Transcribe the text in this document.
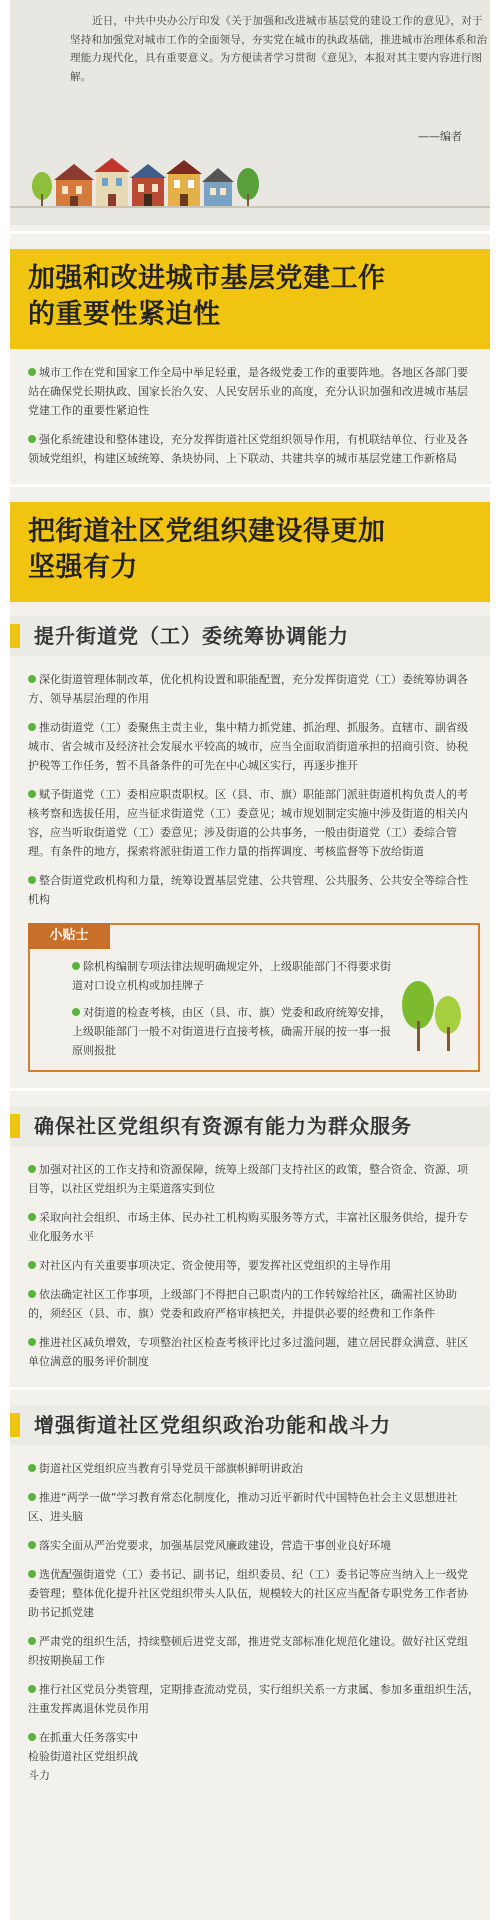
近日，中共中央办公厅印发《关于加强和改进城市基层党的建设工作的意见》，对于坚持和加强党对城市工作的全面领导，夯实党在城市的执政基础，推进城市治理体系和治理能力现代化，具有重要意义。为方便读者学习贯彻《意见》，本报对其主要内容进行图解。
——编者
加强和改进城市基层党建工作
的重要性紧迫性
城市工作在党和国家工作全局中举足轻重，是各级党委工作的重要阵地。各地区各部门要站在确保党长期执政、国家长治久安、人民安居乐业的高度，充分认识加强和改进城市基层党建工作的重要性紧迫性
强化系统建设和整体建设，充分发挥街道社区党组织领导作用，有机联结单位、行业及各领域党组织，构建区域统筹、条块协同、上下联动、共建共享的城市基层党建工作新格局
把街道社区党组织建设得更加
坚强有力
提升街道党（工）委统筹协调能力
深化街道管理体制改革，优化机构设置和职能配置，充分发挥街道党（工）委统筹协调各方、领导基层治理的作用
推动街道党（工）委聚焦主责主业，集中精力抓党建、抓治理、抓服务。直辖市、副省级城市、省会城市及经济社会发展水平较高的城市，应当全面取消街道承担的招商引资、协税护税等工作任务，暂不具备条件的可先在中心城区实行，再逐步推开
赋予街道党（工）委相应职责职权。区（县、市、旗）职能部门派驻街道机构负责人的考核考察和选拔任用，应当征求街道党（工）委意见；城市规划制定实施中涉及街道的相关内容，应当听取街道党（工）委意见；涉及街道的公共事务，一般由街道党（工）委综合管理。有条件的地方，探索将派驻街道工作力量的指挥调度、考核监督等下放给街道
整合街道党政机构和力量，统筹设置基层党建、公共管理、公共服务、公共安全等综合性机构
小贴士
除机构编制专项法律法规明确规定外，上级职能部门不得要求街道对口设立机构或加挂牌子
对街道的检查考核，由区（县、市、旗）党委和政府统筹安排，上级职能部门一般不对街道进行直接考核，确需开展的按一事一报原则报批
确保社区党组织有资源有能力为群众服务
加强对社区的工作支持和资源保障，统筹上级部门支持社区的政策，整合资金、资源、项目等，以社区党组织为主渠道落实到位
采取向社会组织、市场主体、民办社工机构购买服务等方式，丰富社区服务供给，提升专业化服务水平
对社区内有关重要事项决定、资金使用等，要发挥社区党组织的主导作用
依法确定社区工作事项，上级部门不得把自己职责内的工作转嫁给社区，确需社区协助的，须经区（县、市、旗）党委和政府严格审核把关，并提供必要的经费和工作条件
推进社区减负增效，专项整治社区检查考核评比过多过滥问题，建立居民群众满意、驻区单位满意的服务评价制度
增强街道社区党组织政治功能和战斗力
街道社区党组织应当教育引导党员干部旗帜鲜明讲政治
推进“两学一做”学习教育常态化制度化，推动习近平新时代中国特色社会主义思想进社区、进头脑
落实全面从严治党要求，加强基层党风廉政建设，营造干事创业良好环境
选优配强街道党（工）委书记、副书记，组织委员、纪（工）委书记等应当纳入上一级党委管理；整体优化提升社区党组织带头人队伍，规模较大的社区应当配备专职党务工作者协助书记抓党建
严肃党的组织生活，持续整顿后进党支部，推进党支部标准化规范化建设。做好社区党组织按期换届工作
推行社区党员分类管理，定期排查流动党员，实行组织关系一方隶属、参加多重组织生活，注重发挥离退休党员作用
在抓重大任务落实中检验街道社区党组织战斗力
